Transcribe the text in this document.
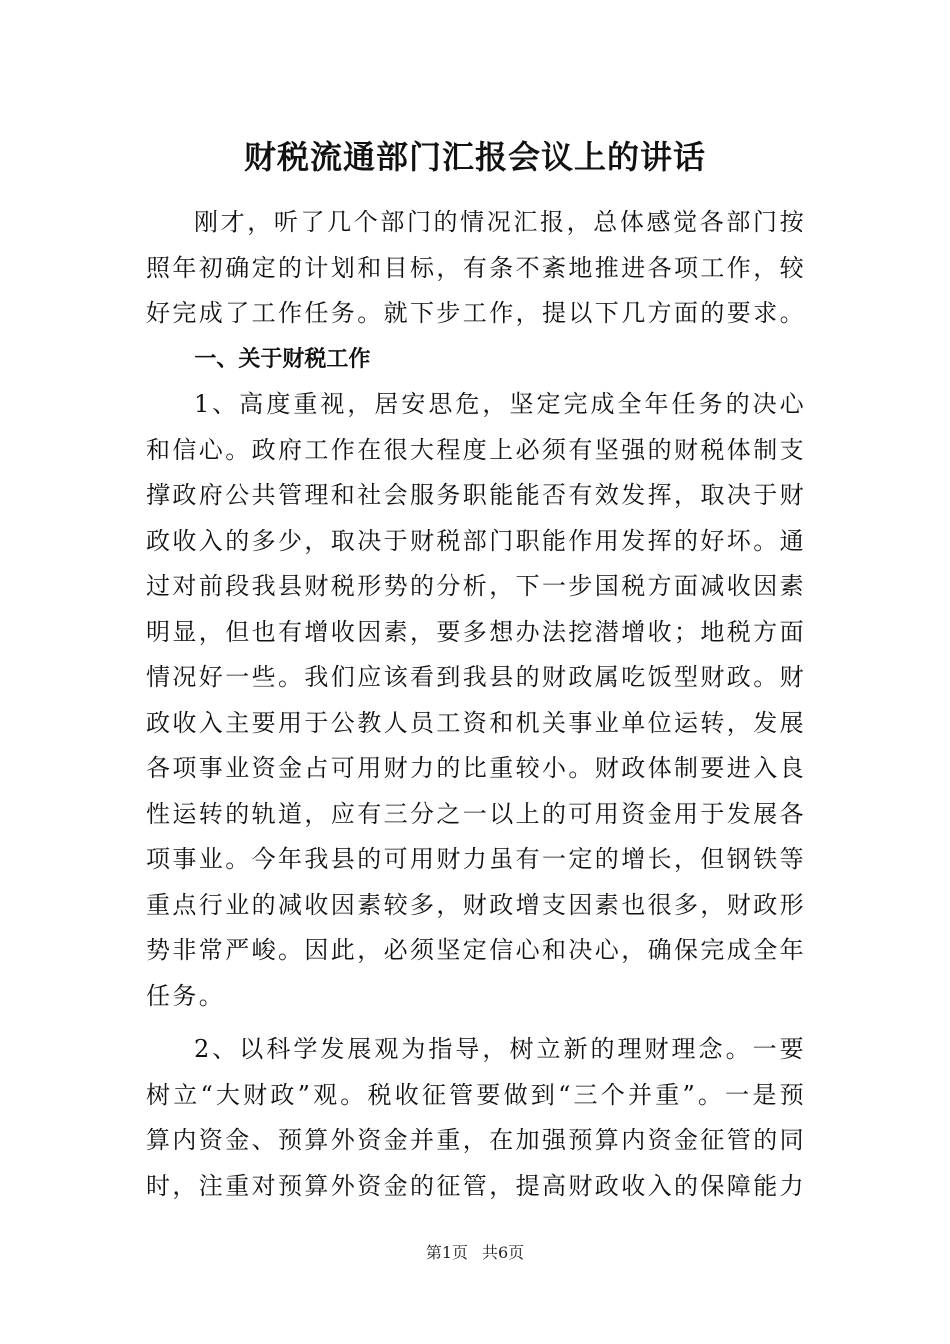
财税流通部门汇报会议上的讲话

刚才，听了几个部门的情况汇报，总体感觉各部门按照年初确定的计划和目标，有条不紊地推进各项工作，较好完成了工作任务。就下步工作，提以下几方面的要求。

一、关于财税工作

1、高度重视，居安思危，坚定完成全年任务的决心和信心。政府工作在很大程度上必须有坚强的财税体制支撑政府公共管理和社会服务职能能否有效发挥，取决于财政收入的多少，取决于财税部门职能作用发挥的好坏。通过对前段我县财税形势的分析，下一步国税方面减收因素明显，但也有增收因素，要多想办法挖潜增收；地税方面情况好一些。我们应该看到我县的财政属吃饭型财政。财政收入主要用于公教人员工资和机关事业单位运转，发展各项事业资金占可用财力的比重较小。财政体制要进入良性运转的轨道，应有三分之一以上的可用资金用于发展各项事业。今年我县的可用财力虽有一定的增长，但钢铁等重点行业的减收因素较多，财政增支因素也很多，财政形势非常严峻。因此，必须坚定信心和决心，确保完成全年任务。

2、以科学发展观为指导，树立新的理财理念。一要树立“大财政”观。税收征管要做到“三个并重”。一是预算内资金、预算外资金并重，在加强预算内资金征管的同时，注重对预算外资金的征管，提高财政收入的保障能力

第1页 共6页
